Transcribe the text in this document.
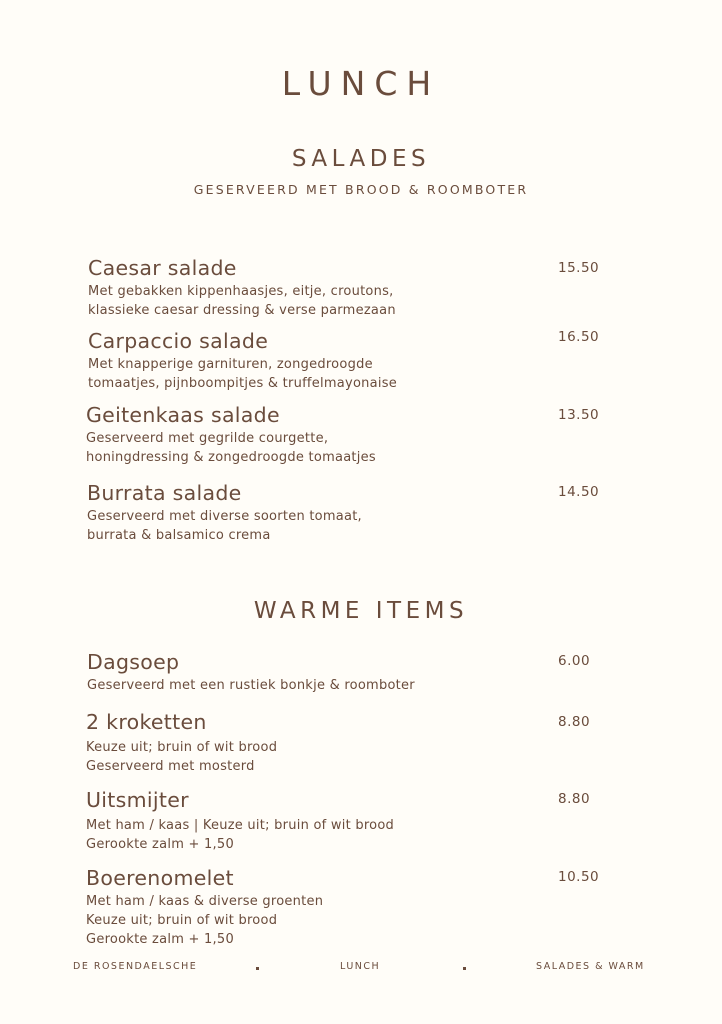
LUNCH
SALADES

GESERVEERD MET BROOD & ROOMBOTER

Caesar salade
Met gebakken kippenhaasjes, eitje, croutons,
klassieke caesar dressing & verse parmezaan
15.50
Carpaccio salade
Met knapperige garnituren, zongedroogde
tomaatjes, pijnboompitjes & truffelmayonaise
16.50
Geitenkaas salade
Geserveerd met gegrilde courgette,
honingdressing & zongedroogde tomaatjes
13.50
Burrata salade
Geserveerd met diverse soorten tomaat,
burrata & balsamico crema
14.50
WARME ITEMS
Dagsoep
Geserveerd met een rustiek bonkje & roomboter
6.00
2 kroketten
Keuze uit; bruin of wit brood
Geserveerd met mosterd
8.80
Uitsmijter
Met ham / kaas | Keuze uit; bruin of wit brood
Gerookte zalm + 1,50
8.80
Boerenomelet
Met ham / kaas & diverse groenten
Keuze uit; bruin of wit brood
Gerookte zalm + 1,50
10.50
DE ROSENDAELSCHE	LUNCH	SALADES & WARM
